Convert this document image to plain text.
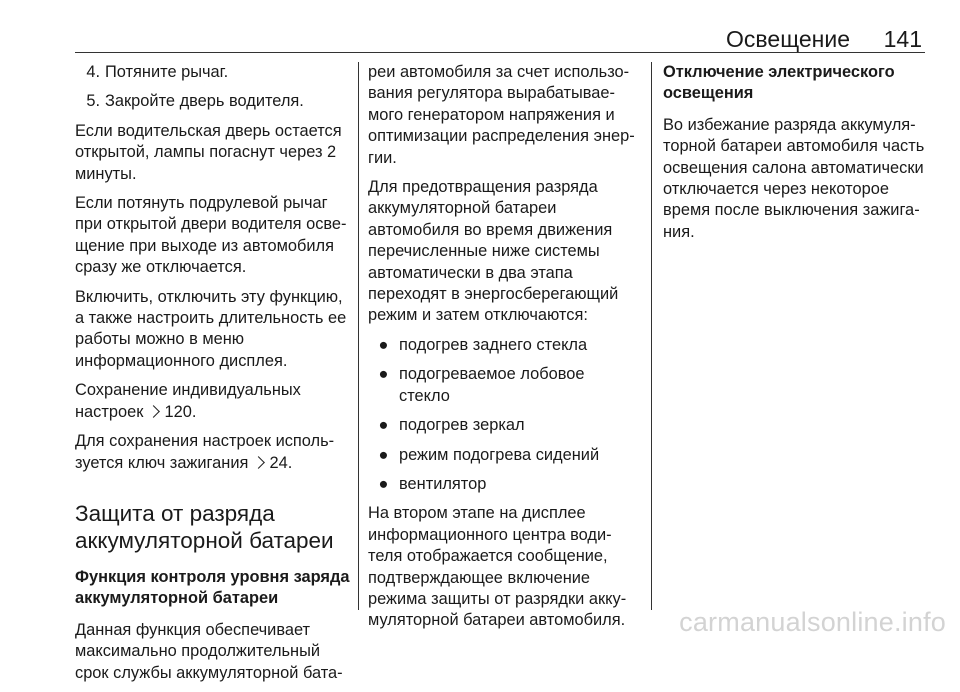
Освещение 141
4. Потяните рычаг.
5. Закройте дверь водителя.

Если водительская дверь остается открытой, лампы погаснут через 2 минуты.

Если потянуть подрулевой рычаг при открытой двери водителя освещение при выходе из автомобиля сразу же отключается.

Включить, отключить эту функцию, а также настроить длительность ее работы можно в меню информационного дисплея.

Сохранение индивидуальных настроек 120.

Для сохранения настроек используется ключ зажигания 24.

Защита от разряда аккумуляторной батареи
Функция контроля уровня заряда аккумуляторной батареи

Данная функция обеспечивает максимально продолжительный срок службы аккумуляторной бата-

реи автомобиля за счет использования регулятора вырабатываемого генератором напряжения и оптимизации распределения энергии.

Для предотвращения разряда аккумуляторной батареи автомобиля во время движения перечисленные ниже системы автоматически в два этапа переходят в энергосберегающий режим и затем отключаются:

● подогрев заднего стекла
● подогреваемое лобовое стекло
● подогрев зеркал
● режим подогрева сидений
● вентилятор

На втором этапе на дисплее информационного центра водителя отображается сообщение, подтверждающее включение режима защиты от разрядки аккумуляторной батареи автомобиля.

Отключение электрического освещения

Во избежание разряда аккумуляторной батареи автомобиля часть освещения салона автоматически отключается через некоторое время после выключения зажигания.

carmanualsonline.info
